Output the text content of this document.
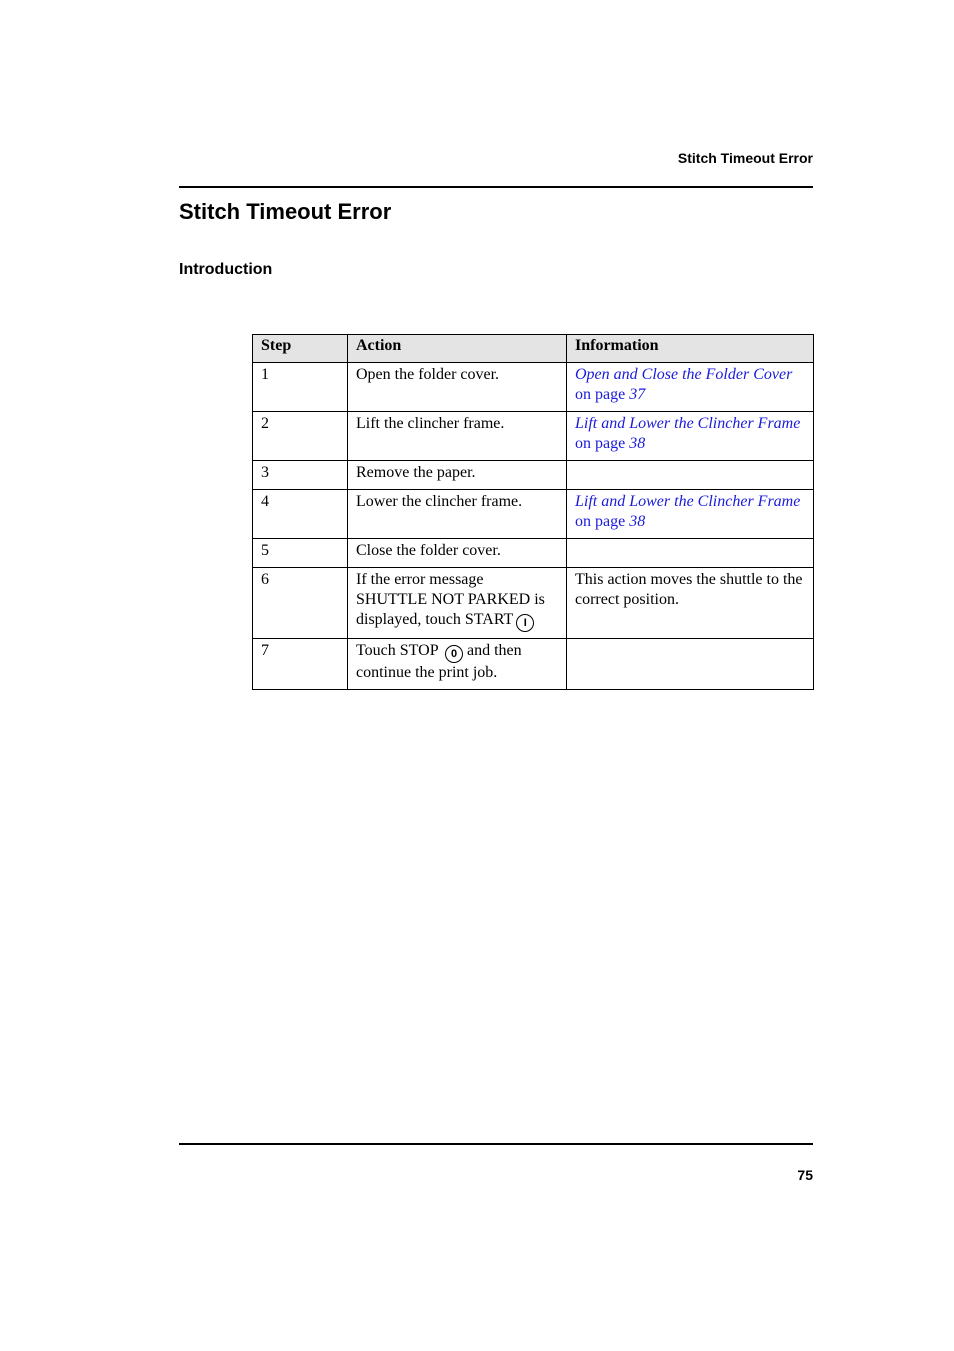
Stitch Timeout Error
Stitch Timeout Error
Introduction
Step	Action	Information
1	Open the folder cover.	Open and Close the Folder Cover on page 37
2	Lift the clincher frame.	Lift and Lower the Clincher Frame on page 38
3	Remove the paper.	
4	Lower the clincher frame.	Lift and Lower the Clincher Frame on page 38
5	Close the folder cover.	
6	If the error message SHUTTLE NOT PARKED is displayed, touch START I	This action moves the shuttle to the correct position.
7	Touch STOP 0 and then continue the print job.	
75
